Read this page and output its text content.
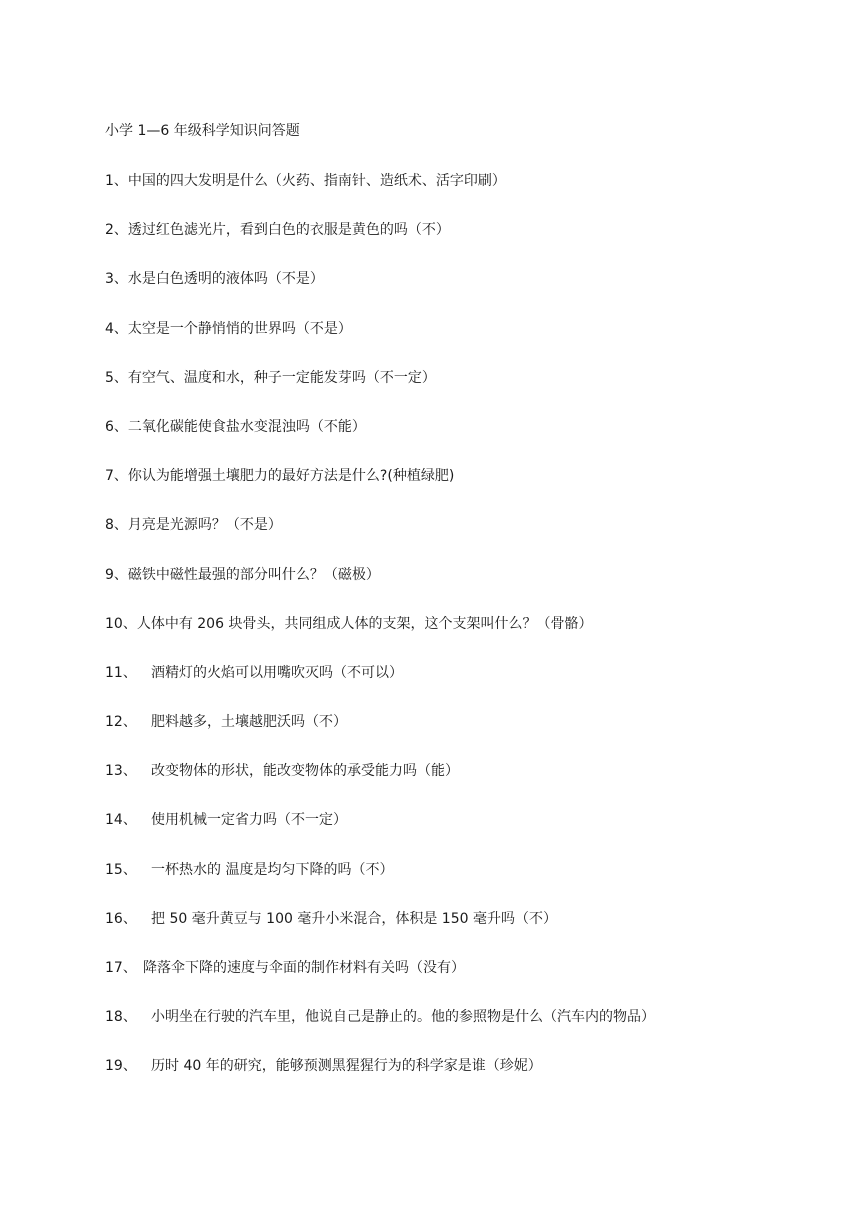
小学 1—6 年级科学知识问答题
1、 中国的四大发明是什么（火药、指南针、造纸术、活字印刷）
2、 透过红色滤光片，看到白色的衣服是黄色的吗（不）
3、 水是白色透明的液体吗（不是）
4、 太空是一个静悄悄的世界吗（不是）
5、 有空气、温度和水，种子一定能发芽吗（不一定）
6、 二氧化碳能使食盐水变混浊吗（不能）
7、 你认为能增强土壤肥力的最好方法是什么?(种植绿肥)
8、 月亮是光源吗？（不是）
9、 磁铁中磁性最强的部分叫什么？（磁极）
10、 人体中有 206 块骨头，共同组成人体的支架，这个支架叫什么？（骨骼）
11、	酒精灯的火焰可以用嘴吹灭吗（不可以）
12、	肥料越多，土壤越肥沃吗（不）
13、	改变物体的形状，能改变物体的承受能力吗（能）
14、	使用机械一定省力吗（不一定）
15、	一杯热水的 温度是均匀下降的吗（不）
16、	把 50 毫升黄豆与 100 毫升小米混合，体积是 150 毫升吗（不）
17、 降落伞下降的速度与伞面的制作材料有关吗（没有）
18、	小明坐在行驶的汽车里，他说自己是静止的。他的参照物是什么（汽车内的物品）
19、	历时 40 年的研究，能够预测黑猩猩行为的科学家是谁（珍妮）
